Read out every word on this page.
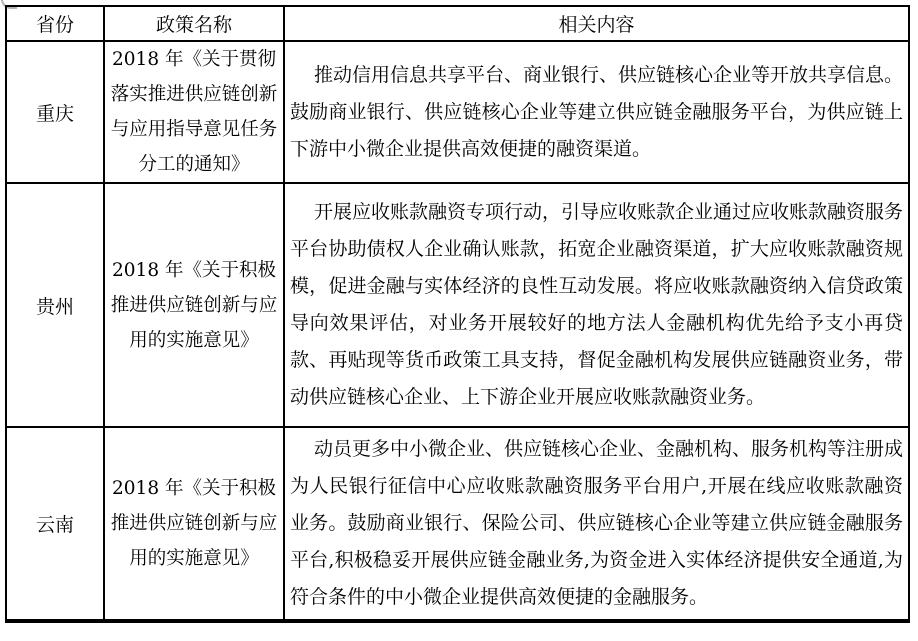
省份	政策名称	相关内容
重庆	2018 年《关于贯彻落实推进供应链创新与应用指导意见任务分工的通知》	推动信用信息共享平台、商业银行、供应链核心企业等开放共享信息。鼓励商业银行、供应链核心企业等建立供应链金融服务平台，为供应链上下游中小微企业提供高效便捷的融资渠道。
贵州	2018 年《关于积极推进供应链创新与应用的实施意见》	开展应收账款融资专项行动，引导应收账款企业通过应收账款融资服务平台协助债权人企业确认账款，拓宽企业融资渠道，扩大应收账款融资规模，促进金融与实体经济的良性互动发展。将应收账款融资纳入信贷政策导向效果评估，对业务开展较好的地方法人金融机构优先给予支小再贷款、再贴现等货币政策工具支持，督促金融机构发展供应链融资业务，带动供应链核心企业、上下游企业开展应收账款融资业务。
云南	2018 年《关于积极推进供应链创新与应用的实施意见》	动员更多中小微企业、供应链核心企业、金融机构、服务机构等注册成为人民银行征信中心应收账款融资服务平台用户,开展在线应收账款融资业务。鼓励商业银行、保险公司、供应链核心企业等建立供应链金融服务平台,积极稳妥开展供应链金融业务,为资金进入实体经济提供安全通道,为符合条件的中小微企业提供高效便捷的金融服务。
